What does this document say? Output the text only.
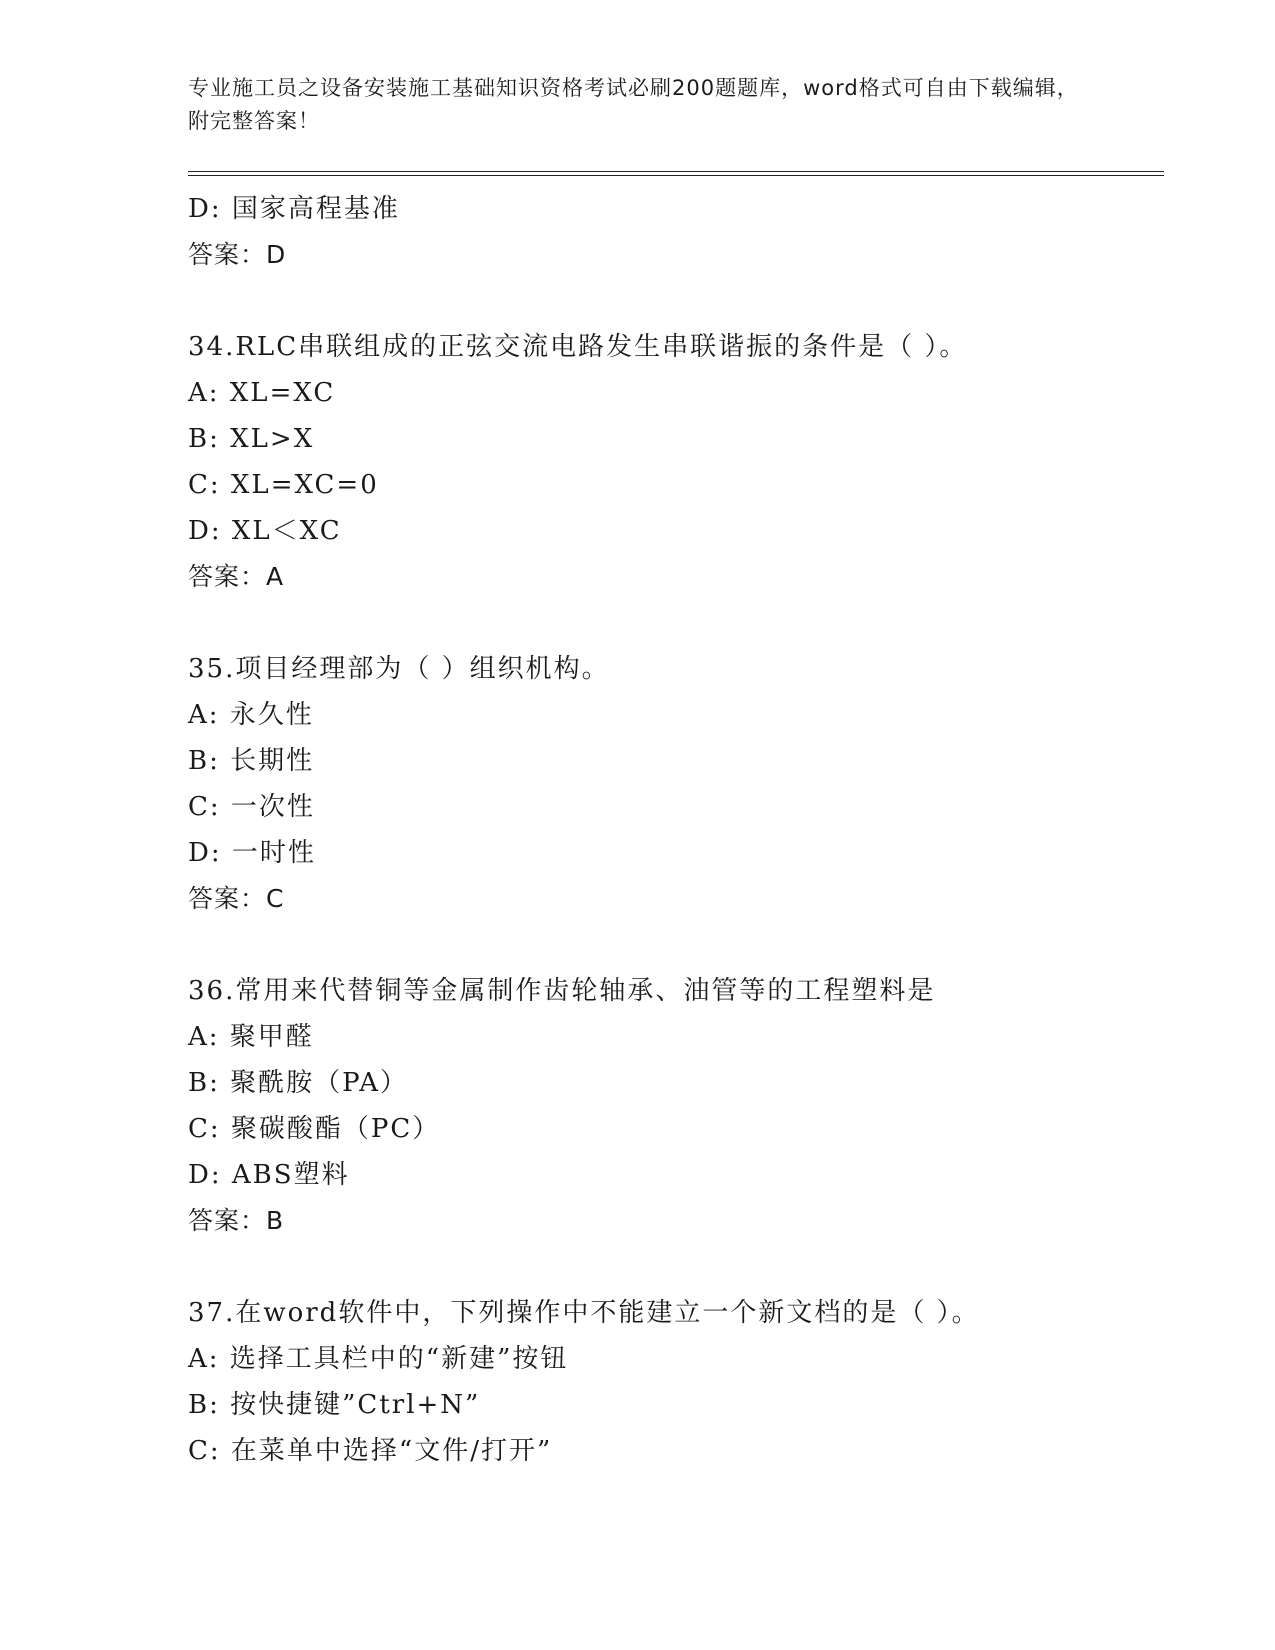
专业施工员之设备安装施工基础知识资格考试必刷200题题库，word格式可自由下载编辑，附完整答案！
D: 国家高程基准
答案：D
34.RLC串联组成的正弦交流电路发生串联谐振的条件是（ ）。
A: XL=XC
B: XL>X
C: XL=XC=0
D: XL＜XC
答案：A
35.项目经理部为（ ）组织机构。
A: 永久性
B: 长期性
C: 一次性
D: 一时性
答案：C
36.常用来代替铜等金属制作齿轮轴承、油管等的工程塑料是
A: 聚甲醛
B: 聚酰胺（PA）
C: 聚碳酸酯（PC）
D: ABS塑料
答案：B
37.在word软件中，下列操作中不能建立一个新文档的是（ ）。
A: 选择工具栏中的“新建”按钮
B: 按快捷键”Ctrl+N”
C: 在菜单中选择“文件/打开”
